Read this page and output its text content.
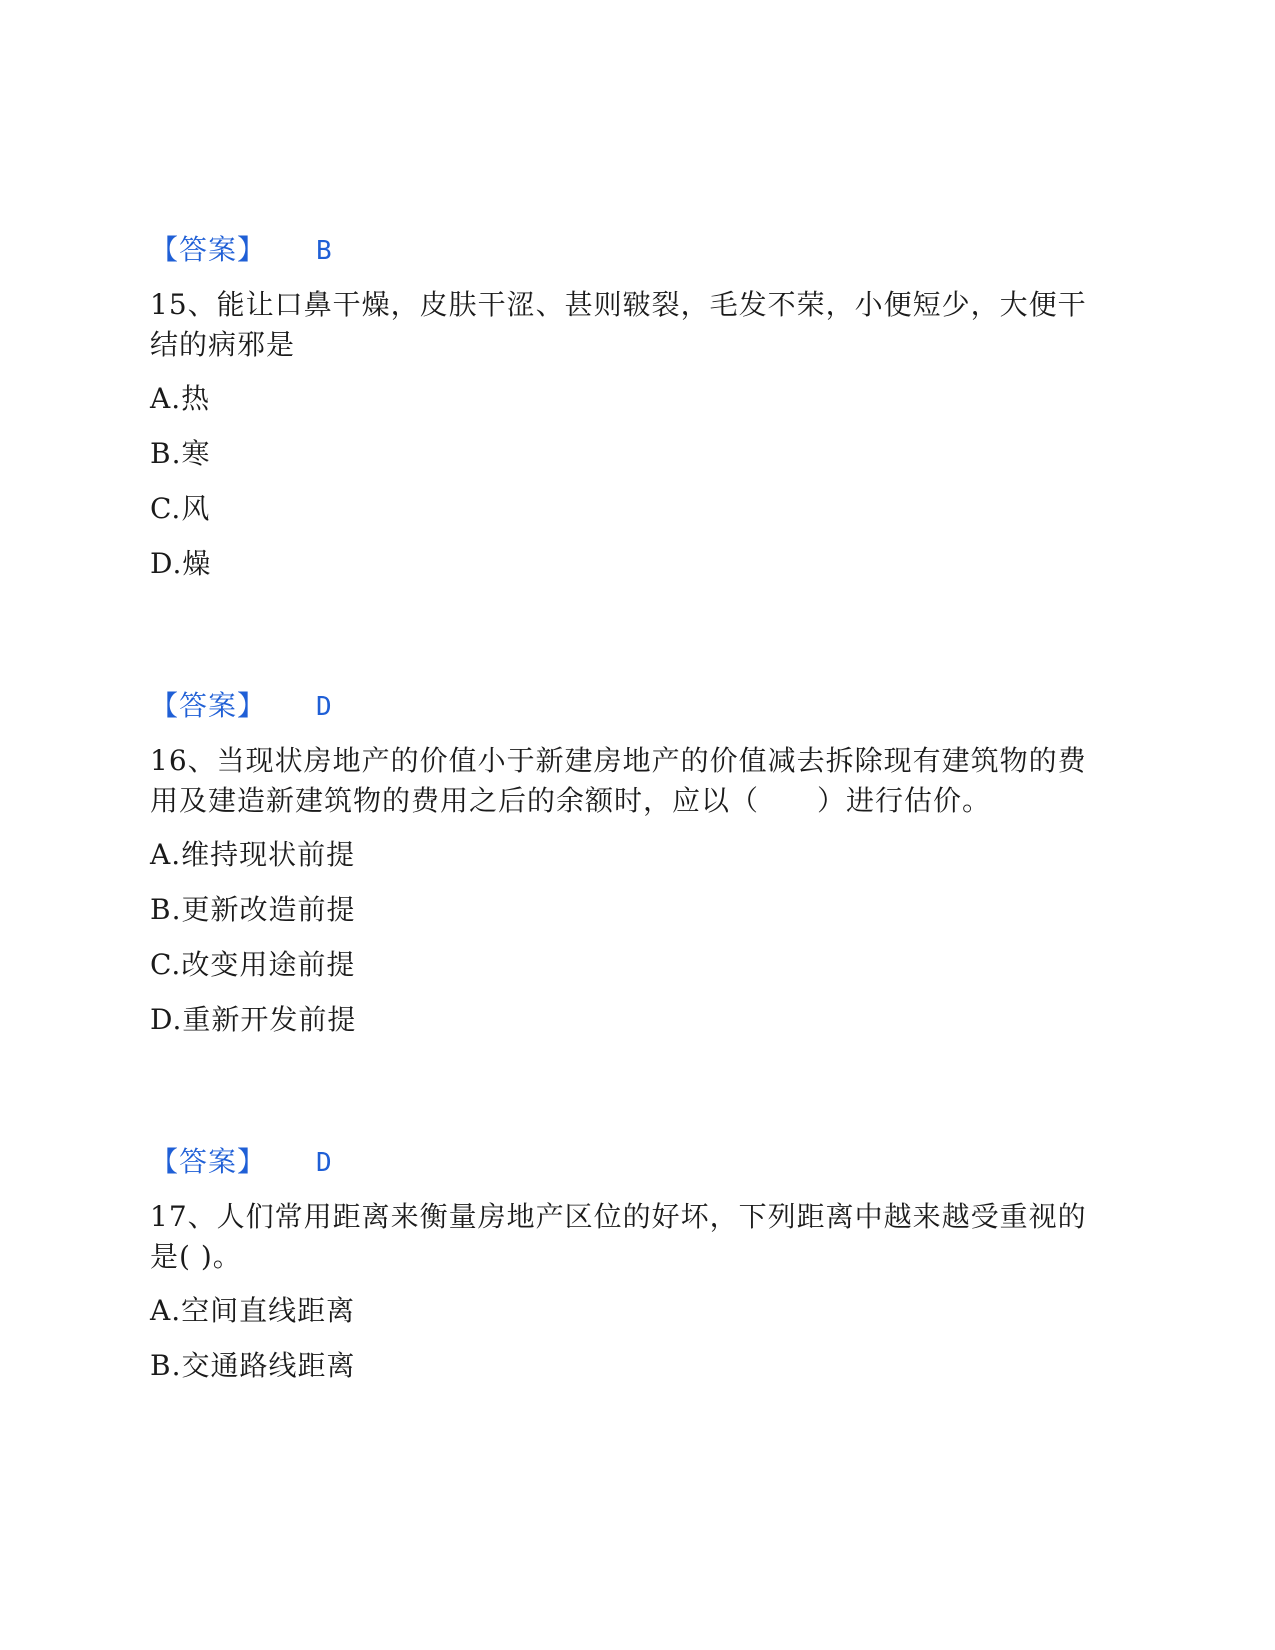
【答案】 B
15、能让口鼻干燥，皮肤干涩、甚则皲裂，毛发不荣，小便短少，大便干结的病邪是
A.热
B.寒
C.风
D.燥
【答案】 D
16、当现状房地产的价值小于新建房地产的价值减去拆除现有建筑物的费用及建造新建筑物的费用之后的余额时，应以（　　）进行估价。
A.维持现状前提
B.更新改造前提
C.改变用途前提
D.重新开发前提
【答案】 D
17、人们常用距离来衡量房地产区位的好坏，下列距离中越来越受重视的是( )。
A.空间直线距离
B.交通路线距离
